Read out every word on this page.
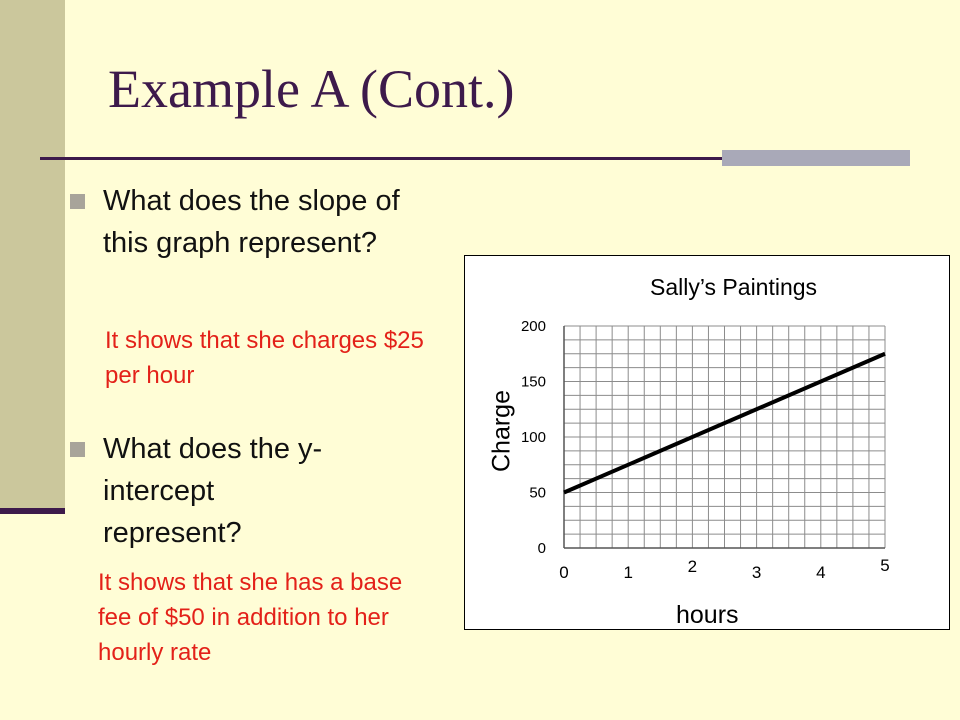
Example A (Cont.)
What does the slope of this graph represent?
It shows that she charges $25 per hour
What does the y-intercept represent?
It shows that she has a base fee of $50 in addition to her hourly rate
Sally’s Paintings
Charge
hours
0
50
100
150
200
0	1	2	3	4	5
